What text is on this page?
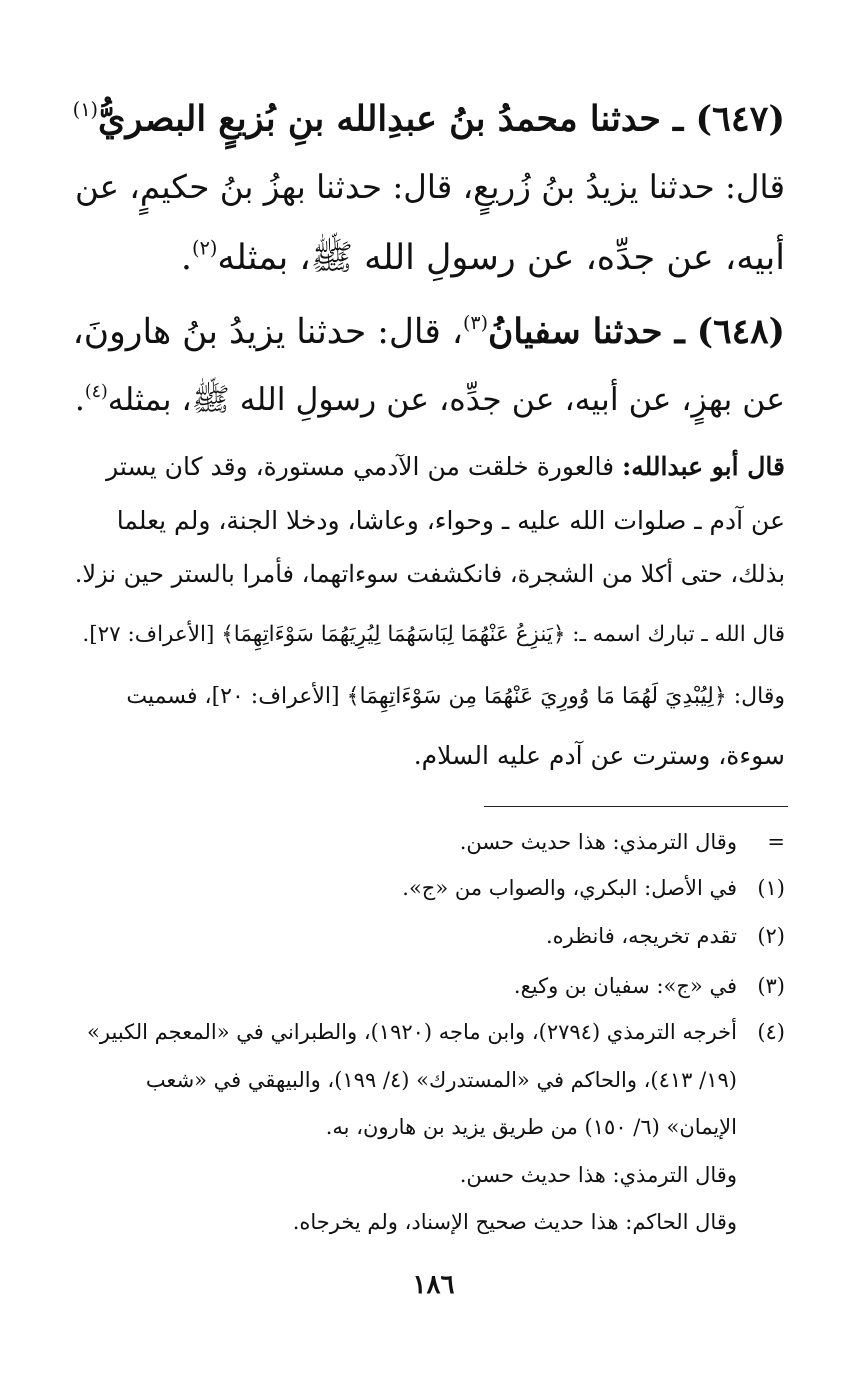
(٦٤٧) ـ حدثنا محمدُ بنُ عبدِالله بنِ بُزيعٍ البصريُّ$^{(١)}$
قال: حدثنا يزيدُ بنُ زُريعٍ، قال: حدثنا بهزُ بنُ حكيمٍ، عن
أبيه، عن جدِّه، عن رسولِ الله ﷺ، بمثله$^{(٢)}$.
(٦٤٨) ـ حدثنا سفيانُ$^{(٣)}$، قال: حدثنا يزيدُ بنُ هارونَ،
عن بهزٍ، عن أبيه، عن جدِّه، عن رسولِ الله ﷺ، بمثله$^{(٤)}$.
قال أبو عبدالله: فالعورة خلقت من الآدمي مستورة، وقد كان يستر
عن آدم ـ صلوات الله عليه ـ وحواء، وعاشا، ودخلا الجنة، ولم يعلما
بذلك، حتى أكلا من الشجرة، فانكشفت سوءاتهما، فأمرا بالستر حين نزلا.
قال الله ـ تبارك اسمه ـ: ﴿يَنزِعُ عَنْهُمَا لِبَاسَهُمَا لِيُرِيَهُمَا سَوْءَاتِهِمَا﴾ [الأعراف: ٢٧].
وقال: ﴿لِيُبْدِيَ لَهُمَا مَا وُورِيَ عَنْهُمَا مِن سَوْءَاتِهِمَا﴾ [الأعراف: ٢٠]، فسميت
سوءة، وسترت عن آدم عليه السلام.
=
وقال الترمذي: هذا حديث حسن.
(١)
في الأصل: البكري، والصواب من «ج».
(٢)
تقدم تخريجه، فانظره.
(٣)
في «ج»: سفيان بن وكيع.
(٤)
أخرجه الترمذي (٢٧٩٤)، وابن ماجه (١٩٢٠)، والطبراني في «المعجم الكبير»
(١٩/ ٤١٣)، والحاكم في «المستدرك» (٤/ ١٩٩)، والبيهقي في «شعب
الإيمان» (٦/ ١٥٠) من طريق يزيد بن هارون، به.
وقال الترمذي: هذا حديث حسن.
وقال الحاكم: هذا حديث صحيح الإسناد، ولم يخرجاه.
١٨٦
